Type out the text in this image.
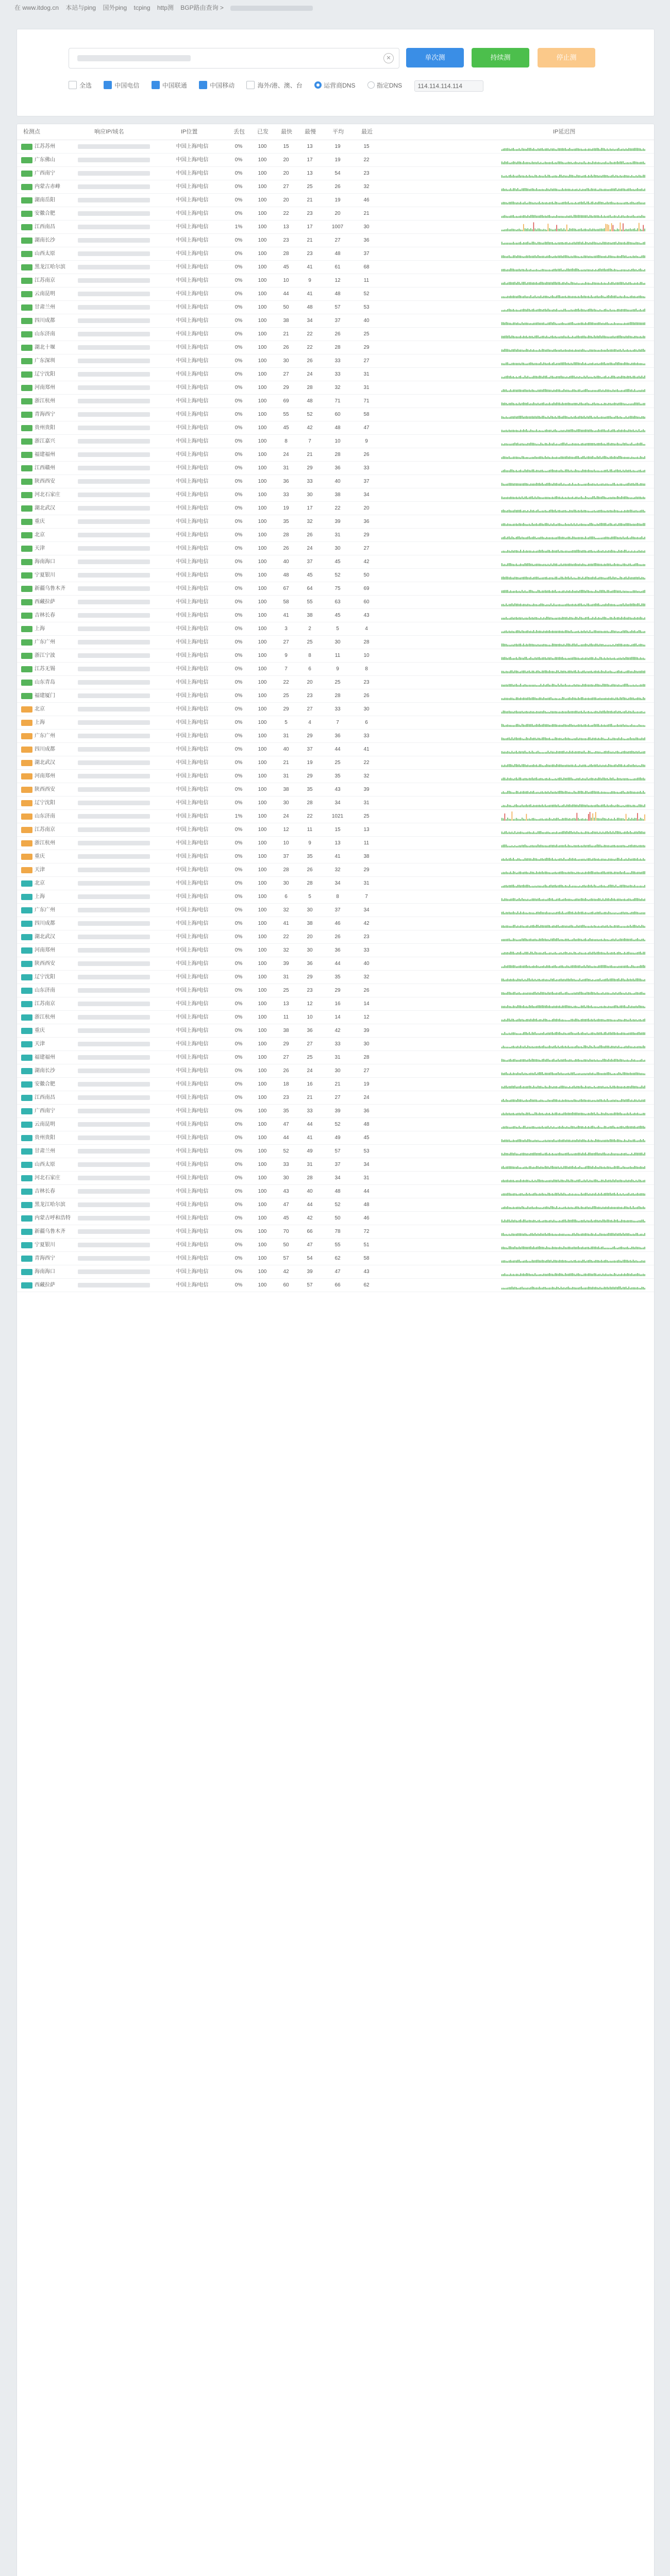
在 www.itdog.cn 本站与ping 国外ping tcping http测 BGP路由查询 >
✕	单次测	持续测	停止测
全选	中国电信	中国联通	中国移动	海外/港、澳、台	运营商DNS	指定DNS	114.114.114.114
检测点	响应IP/域名	IP位置	丢包 已发 最快 最慢	平均	最近	IP延迟图
江苏苏州	中国上海/电信	0%	100	15	13	19	15
广东佛山	中国上海/电信	0%	100	20	17	19	22
广西南宁	中国上海/电信	0%	100	20	13	54	23
内蒙古赤峰	中国上海/电信	0%	100	27	25	26	32
湖南岳阳	中国上海/电信	0%	100	20	21	19	46
安徽合肥	中国上海/电信	0%	100	22	23	20	21
江西南昌	中国上海/电信	1%	100	13	17	1007	30
湖南长沙	中国上海/电信	0%	100	23	21	27	36
山西太原	中国上海/电信	0%	100	28	23	48	37
黑龙江哈尔滨	中国上海/电信	0%	100	45	41	61	68
江苏南京	中国上海/电信	0%	100	10	9	12	11
云南昆明	中国上海/电信	0%	100	44	41	48	52
甘肃兰州	中国上海/电信	0%	100	50	48	57	53
四川成都	中国上海/电信	0%	100	38	34	37	40
山东济南	中国上海/电信	0%	100	21	22	26	25
湖北十堰	中国上海/电信	0%	100	26	22	28	29
广东深圳	中国上海/电信	0%	100	30	26	33	27
辽宁沈阳	中国上海/电信	0%	100	27	24	33	31
河南郑州	中国上海/电信	0%	100	29	28	32	31
浙江杭州	中国上海/电信	0%	100	69	48	71	71
青海西宁	中国上海/电信	0%	100	55	52	60	58
贵州贵阳	中国上海/电信	0%	100	45	42	48	47
浙江嘉兴	中国上海/电信	0%	100	8	7	10	9
福建福州	中国上海/电信	0%	100	24	21	28	26
江西赣州	中国上海/电信	0%	100	31	29	36	33
陕西西安	中国上海/电信	0%	100	36	33	40	37
河北石家庄	中国上海/电信	0%	100	33	30	38	34
湖北武汉	中国上海/电信	0%	100	19	17	22	20
重庆	中国上海/电信	0%	100	35	32	39	36
北京	中国上海/电信	0%	100	28	26	31	29
天津	中国上海/电信	0%	100	26	24	30	27
海南海口	中国上海/电信	0%	100	40	37	45	42
宁夏银川	中国上海/电信	0%	100	48	45	52	50
新疆乌鲁木齐	中国上海/电信	0%	100	67	64	75	69
西藏拉萨	中国上海/电信	0%	100	58	55	63	60
吉林长春	中国上海/电信	0%	100	41	38	45	43
上海	中国上海/电信	0%	100	3	2	5	4
广东广州	中国上海/电信	0%	100	27	25	30	28
浙江宁波	中国上海/电信	0%	100	9	8	11	10
江苏无锡	中国上海/电信	0%	100	7	6	9	8
山东青岛	中国上海/电信	0%	100	22	20	25	23
福建厦门	中国上海/电信	0%	100	25	23	28	26
北京	中国上海/电信	0%	100	29	27	33	30
上海	中国上海/电信	0%	100	5	4	7	6
广东广州	中国上海/电信	0%	100	31	29	36	33
四川成都	中国上海/电信	0%	100	40	37	44	41
湖北武汉	中国上海/电信	0%	100	21	19	25	22
河南郑州	中国上海/电信	0%	100	31	29	35	32
陕西西安	中国上海/电信	0%	100	38	35	43	39
辽宁沈阳	中国上海/电信	0%	100	30	28	34	31
山东济南	中国上海/电信	1%	100	24	22	1021	25
江苏南京	中国上海/电信	0%	100	12	11	15	13
浙江杭州	中国上海/电信	0%	100	10	9	13	11
重庆	中国上海/电信	0%	100	37	35	41	38
天津	中国上海/电信	0%	100	28	26	32	29
北京	中国上海/电信	0%	100	30	28	34	31
上海	中国上海/电信	0%	100	6	5	8	7
广东广州	中国上海/电信	0%	100	32	30	37	34
四川成都	中国上海/电信	0%	100	41	38	46	42
湖北武汉	中国上海/电信	0%	100	22	20	26	23
河南郑州	中国上海/电信	0%	100	32	30	36	33
陕西西安	中国上海/电信	0%	100	39	36	44	40
辽宁沈阳	中国上海/电信	0%	100	31	29	35	32
山东济南	中国上海/电信	0%	100	25	23	29	26
江苏南京	中国上海/电信	0%	100	13	12	16	14
浙江杭州	中国上海/电信	0%	100	11	10	14	12
重庆	中国上海/电信	0%	100	38	36	42	39
天津	中国上海/电信	0%	100	29	27	33	30
福建福州	中国上海/电信	0%	100	27	25	31	28
湖南长沙	中国上海/电信	0%	100	26	24	30	27
安徽合肥	中国上海/电信	0%	100	18	16	21	19
江西南昌	中国上海/电信	0%	100	23	21	27	24
广西南宁	中国上海/电信	0%	100	35	33	39	36
云南昆明	中国上海/电信	0%	100	47	44	52	48
贵州贵阳	中国上海/电信	0%	100	44	41	49	45
甘肃兰州	中国上海/电信	0%	100	52	49	57	53
山西太原	中国上海/电信	0%	100	33	31	37	34
河北石家庄	中国上海/电信	0%	100	30	28	34	31
吉林长春	中国上海/电信	0%	100	43	40	48	44
黑龙江哈尔滨	中国上海/电信	0%	100	47	44	52	48
内蒙古呼和浩特	中国上海/电信	0%	100	45	42	50	46
新疆乌鲁木齐	中国上海/电信	0%	100	70	66	78	72
宁夏银川	中国上海/电信	0%	100	50	47	55	51
青海西宁	中国上海/电信	0%	100	57	54	62	58
海南海口	中国上海/电信	0%	100	42	39	47	43
西藏拉萨	中国上海/电信	0%	100	60	57	66	62
